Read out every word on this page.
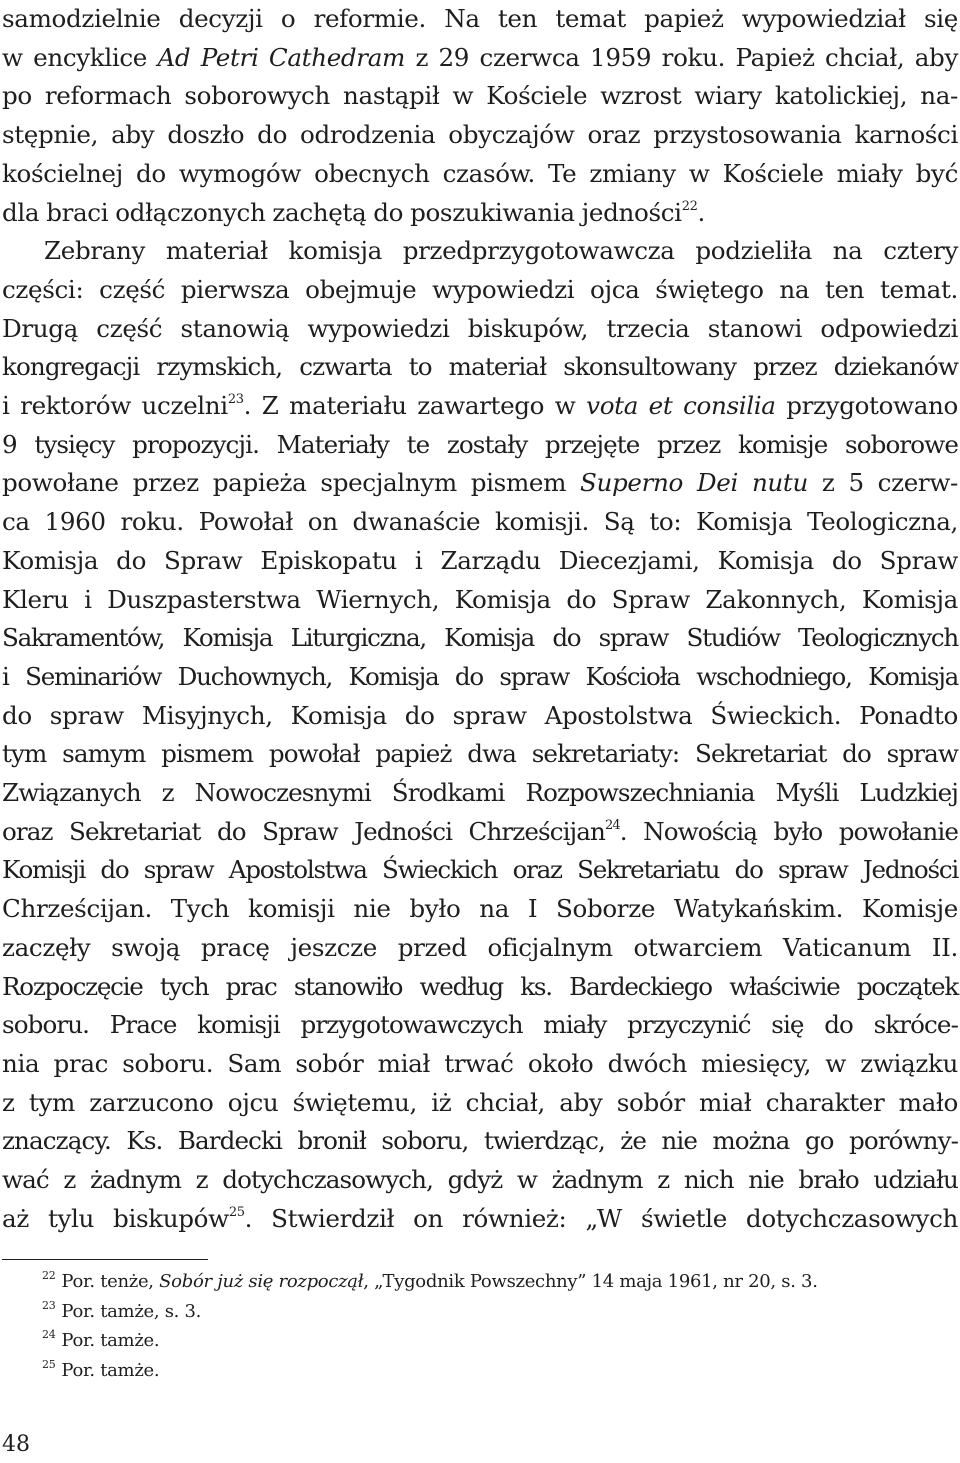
samodzielnie decyzji o reformie. Na ten temat papież wypowiedział się

w encyklice Ad Petri Cathedram z 29 czerwca 1959 roku. Papież chciał, aby

po reformach soborowych nastąpił w Kościele wzrost wiary katolickiej, na-

stępnie, aby doszło do odrodzenia obyczajów oraz przystosowania karności

kościelnej do wymogów obecnych czasów. Te zmiany w Kościele miały być

dla braci odłączonych zachętą do poszukiwania jedności$^{22}$.

Zebrany materiał komisja przedprzygotowawcza podzieliła na cztery

części: część pierwsza obejmuje wypowiedzi ojca świętego na ten temat.

Drugą część stanowią wypowiedzi biskupów, trzecia stanowi odpowiedzi

kongregacji rzymskich, czwarta to materiał skonsultowany przez dziekanów

i rektorów uczelni$^{23}$. Z materiału zawartego w vota et consilia przygotowano

9 tysięcy propozycji. Materiały te zostały przejęte przez komisje soborowe

powołane przez papieża specjalnym pismem Superno Dei nutu z 5 czerw-

ca 1960 roku. Powołał on dwanaście komisji. Są to: Komisja Teologiczna,

Komisja do Spraw Episkopatu i Zarządu Diecezjami, Komisja do Spraw

Kleru i Duszpasterstwa Wiernych, Komisja do Spraw Zakonnych, Komisja

Sakramentów, Komisja Liturgiczna, Komisja do spraw Studiów Teologicznych

i Seminariów Duchownych, Komisja do spraw Kościoła wschodniego, Komisja

do spraw Misyjnych, Komisja do spraw Apostolstwa Świeckich. Ponadto

tym samym pismem powołał papież dwa sekretariaty: Sekretariat do spraw

Związanych z Nowoczesnymi Środkami Rozpowszechniania Myśli Ludzkiej

oraz Sekretariat do Spraw Jedności Chrześcijan$^{24}$. Nowością było powołanie

Komisji do spraw Apostolstwa Świeckich oraz Sekretariatu do spraw Jedności

Chrześcijan. Tych komisji nie było na I Soborze Watykańskim. Komisje

zaczęły swoją pracę jeszcze przed oficjalnym otwarciem Vaticanum II.

Rozpoczęcie tych prac stanowiło według ks. Bardeckiego właściwie początek

soboru. Prace komisji przygotowawczych miały przyczynić się do skróce-

nia prac soboru. Sam sobór miał trwać około dwóch miesięcy, w związku

z tym zarzucono ojcu świętemu, iż chciał, aby sobór miał charakter mało

znaczący. Ks. Bardecki bronił soboru, twierdząc, że nie można go porówny-

wać z żadnym z dotychczasowych, gdyż w żadnym z nich nie brało udziału

aż tylu biskupów$^{25}$. Stwierdził on również: „W świetle dotychczasowych

$^{22}$ Por. tenże, Sobór już się rozpoczął, „Tygodnik Powszechny” 14 maja 1961, nr 20, s. 3.

$^{23}$ Por. tamże, s. 3.

$^{24}$ Por. tamże.

$^{25}$ Por. tamże.

48
